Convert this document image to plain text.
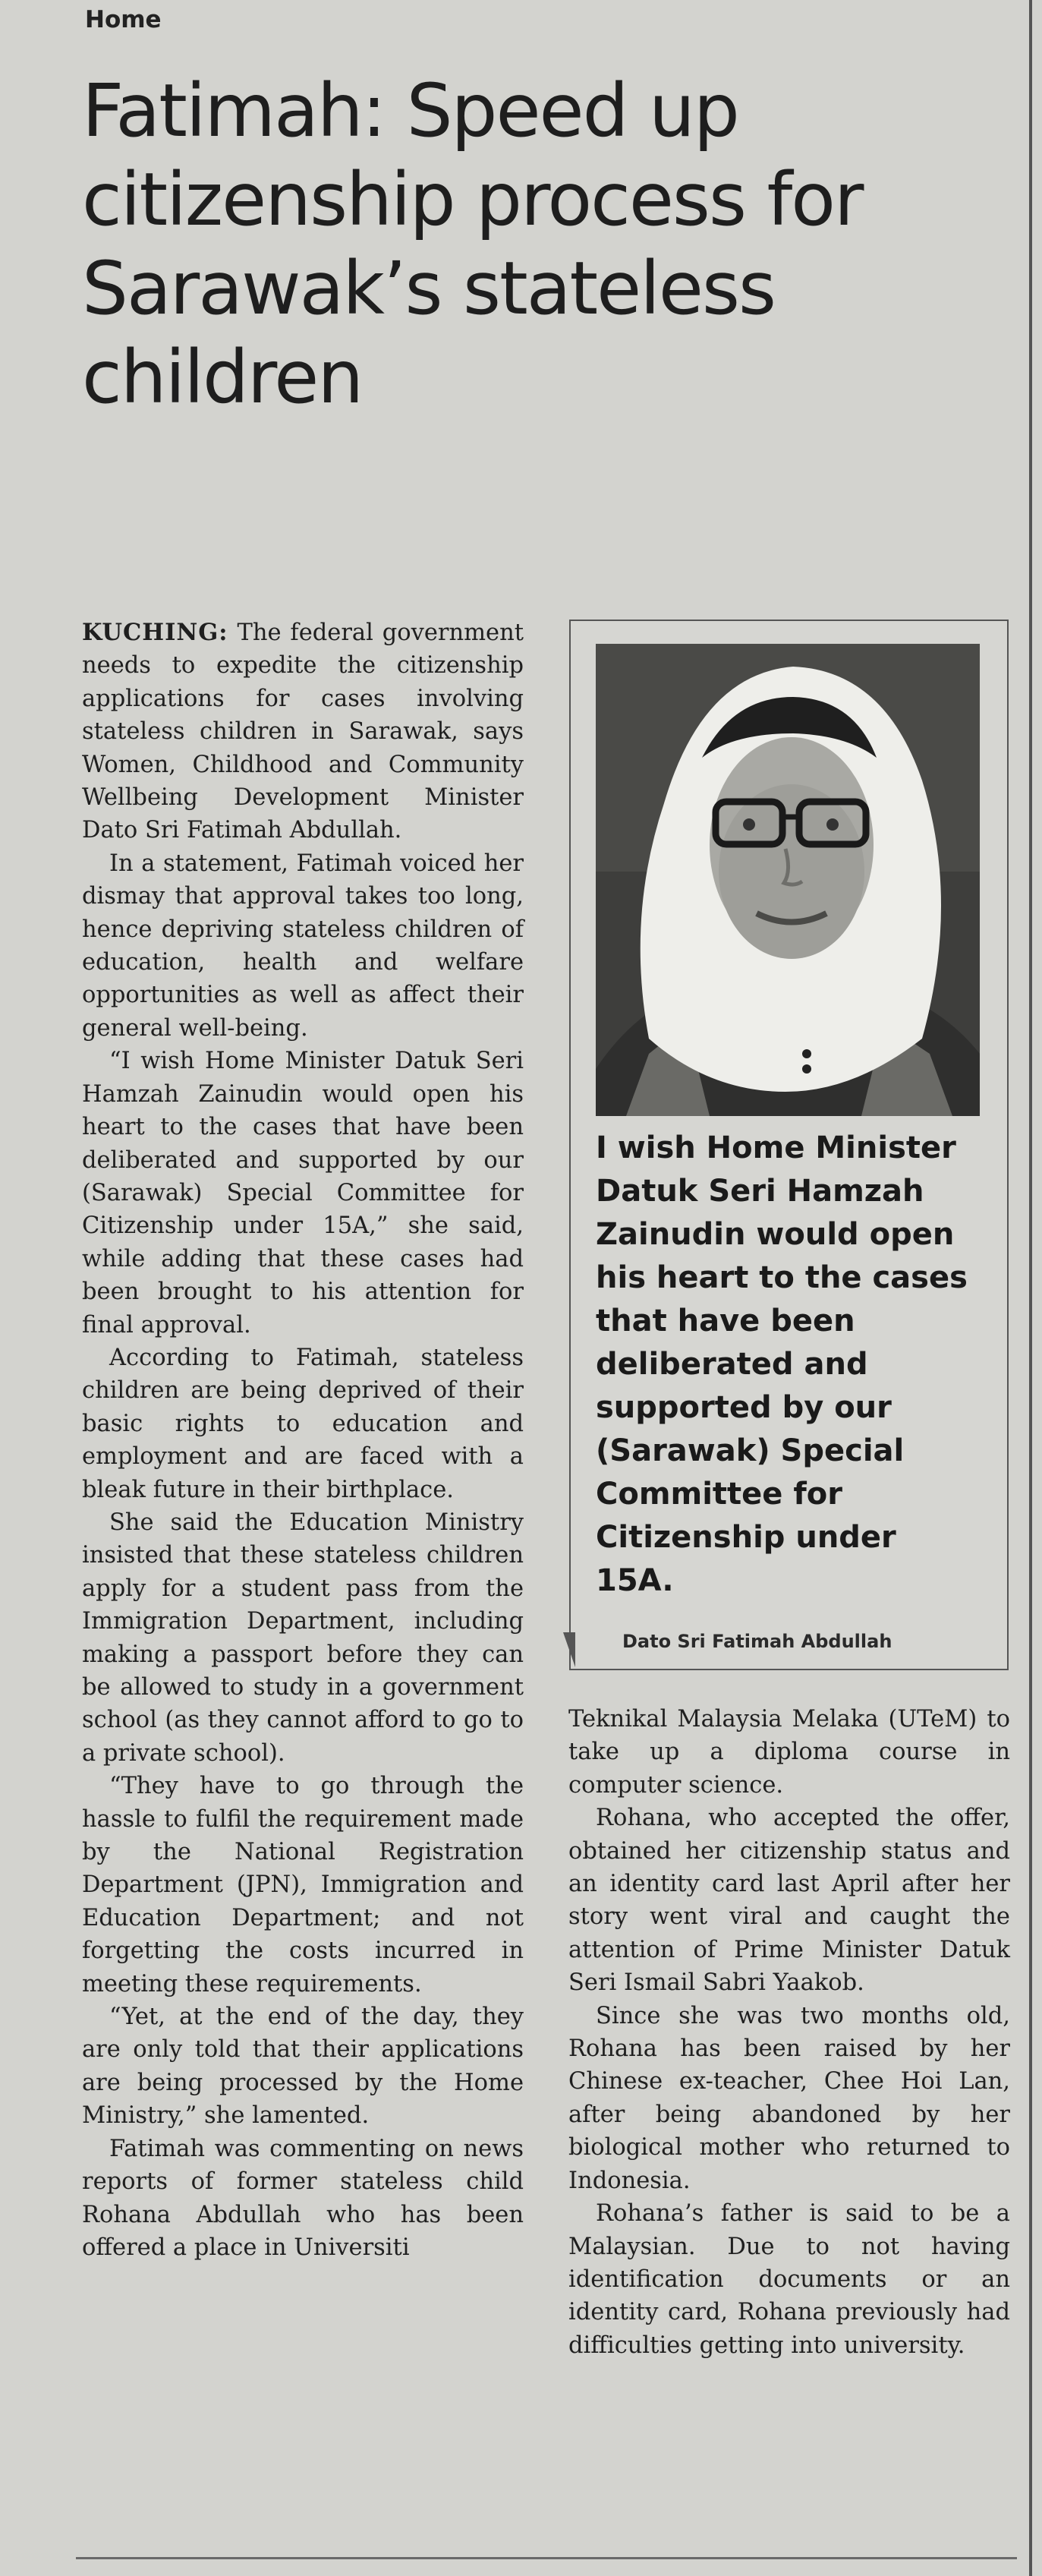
Home
Fatimah: Speed up citizenship process for Sarawak’s stateless children

KUCHING: The federal government needs to expedite the citizenship applications for cases involving stateless children in Sarawak, says Women, Childhood and Community Wellbeing Development Minister Dato Sri Fatimah Abdullah.

In a statement, Fatimah voiced her dismay that approval takes too long, hence depriving stateless children of education, health and welfare opportunities as well as affect their general well-being.

“I wish Home Minister Datuk Seri Hamzah Zainudin would open his heart to the cases that have been deliberated and supported by our (Sarawak) Special Committee for Citizenship under 15A,” she said, while adding that these cases had been brought to his attention for final approval.

According to Fatimah, stateless children are being deprived of their basic rights to education and employment and are faced with a bleak future in their birthplace.

She said the Education Ministry insisted that these stateless children apply for a student pass from the Immigration Department, including making a passport before they can be allowed to study in a government school (as they cannot afford to go to a private school).

“They have to go through the hassle to fulfil the requirement made by the National Registration Department (JPN), Immigration and Education Department; and not forgetting the costs incurred in meeting these requirements.

“Yet, at the end of the day, they are only told that their applications are being processed by the Home Ministry,” she lamented.

Fatimah was commenting on news reports of former stateless child Rohana Abdullah who has been offered a place in Universiti

I wish Home Minister Datuk Seri Hamzah Zainudin would open his heart to the cases that have been deliberated and supported by our (Sarawak) Special Committee for Citizenship under 15A.

Dato Sri Fatimah Abdullah

Teknikal Malaysia Melaka (UTeM) to take up a diploma course in computer science.

Rohana, who accepted the offer, obtained her citizenship status and an identity card last April after her story went viral and caught the attention of Prime Minister Datuk Seri Ismail Sabri Yaakob.

Since she was two months old, Rohana has been raised by her Chinese ex-teacher, Chee Hoi Lan, after being abandoned by her biological mother who returned to Indonesia.

Rohana’s father is said to be a Malaysian. Due to not having identification documents or an identity card, Rohana previously had difficulties getting into university.
